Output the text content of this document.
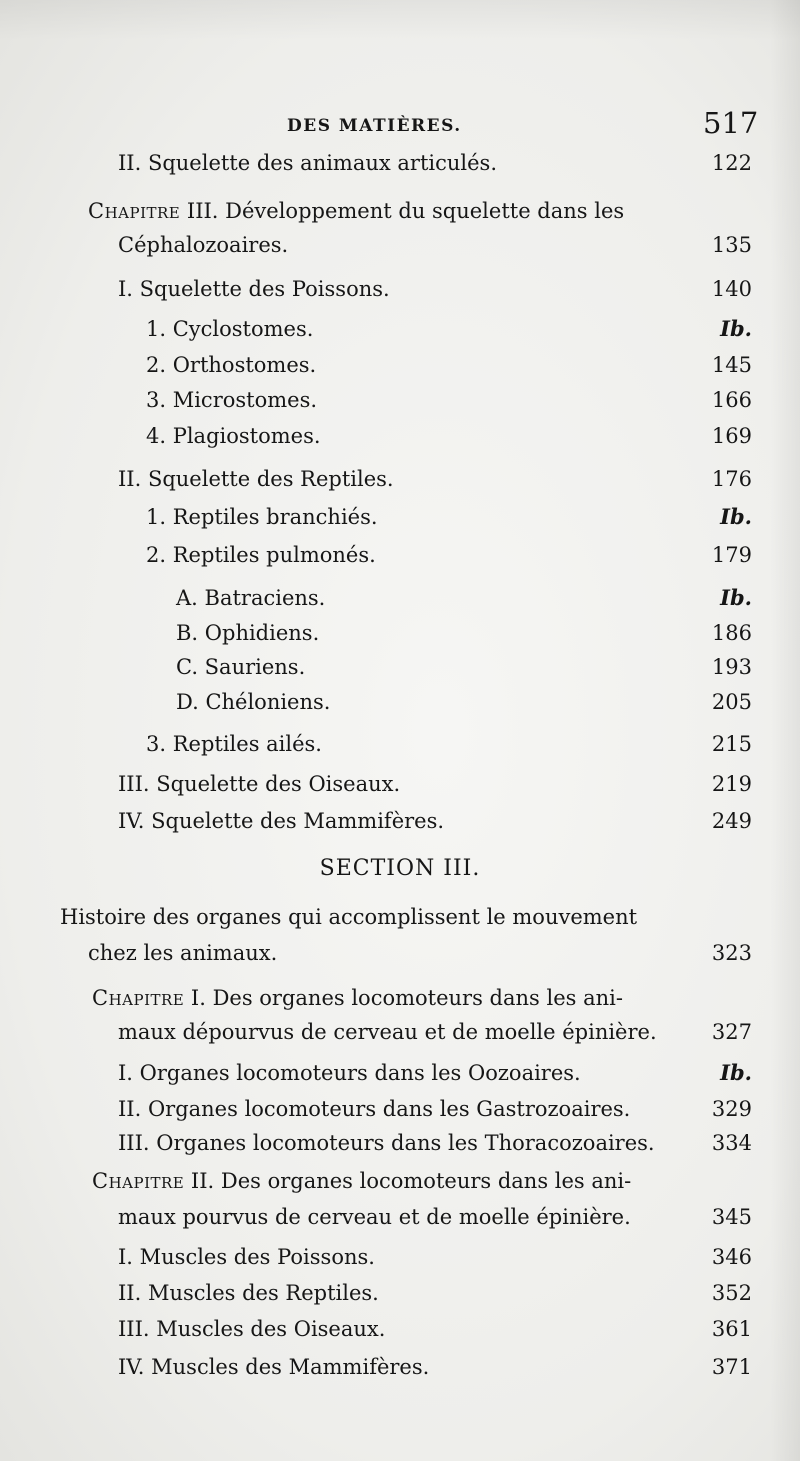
DES MATIÈRES.	517
II. Squelette des animaux articulés.	122
Chapitre III. Développement du squelette dans les
Céphalozoaires.	135
I. Squelette des Poissons.	140
1. Cyclostomes.	Ib.
2. Orthostomes.	145
3. Microstomes.	166
4. Plagiostomes.	169
II. Squelette des Reptiles.	176
1. Reptiles branchiés.	Ib.
2. Reptiles pulmonés.	179
A. Batraciens.	Ib.
B. Ophidiens.	186
C. Sauriens.	193
D. Chéloniens.	205
3. Reptiles ailés.	215
III. Squelette des Oiseaux.	219
IV. Squelette des Mammifères.	249
SECTION III.
Histoire des organes qui accomplissent le mouvement
chez les animaux.	323
Chapitre I. Des organes locomoteurs dans les ani-
maux dépourvus de cerveau et de moelle épinière.	327
I. Organes locomoteurs dans les Oozoaires.	Ib.
II. Organes locomoteurs dans les Gastrozoaires.	329
III. Organes locomoteurs dans les Thoracozoaires.	334
Chapitre II. Des organes locomoteurs dans les ani-
maux pourvus de cerveau et de moelle épinière.	345
I. Muscles des Poissons.	346
II. Muscles des Reptiles.	352
III. Muscles des Oiseaux.	361
IV. Muscles des Mammifères.	371
